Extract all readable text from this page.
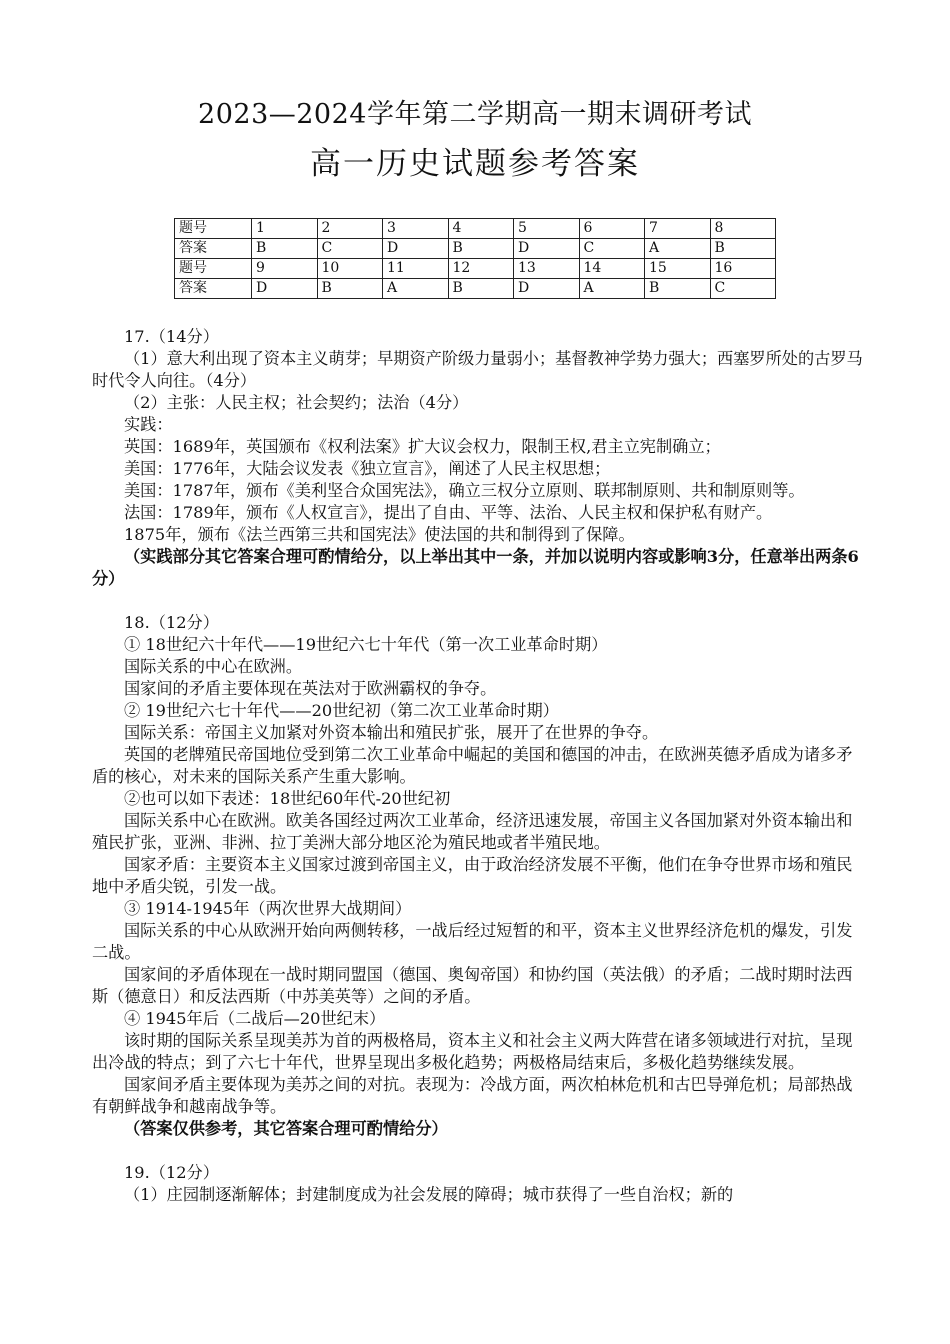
2023—2024学年第二学期高一期末调研考试
高一历史试题参考答案
题号	1	2	3	4	5	6	7	8
答案	B	C	D	B	D	C	A	B
题号	9	10	11	12	13	14	15	16
答案	D	B	A	B	D	A	B	C

17.（14分）

（1）意大利出现了资本主义萌芽；早期资产阶级力量弱小；基督教神学势力强大；西塞罗所处的古罗马时代令人向往。（4分）

（2）主张：人民主权；社会契约；法治（4分）

实践：

英国：1689年，英国颁布《权利法案》扩大议会权力，限制王权,君主立宪制确立；

美国：1776年，大陆会议发表《独立宣言》，阐述了人民主权思想；

美国：1787年，颁布《美利坚合众国宪法》，确立三权分立原则、联邦制原则、共和制原则等。

法国：1789年，颁布《人权宣言》，提出了自由、平等、法治、人民主权和保护私有财产。

1875年，颁布《法兰西第三共和国宪法》使法国的共和制得到了保障。

（实践部分其它答案合理可酌情给分，以上举出其中一条，并加以说明内容或影响3分，任意举出两条6分）

18.（12分）

① 18世纪六十年代——19世纪六七十年代（第一次工业革命时期）

国际关系的中心在欧洲。

国家间的矛盾主要体现在英法对于欧洲霸权的争夺。

② 19世纪六七十年代——20世纪初（第二次工业革命时期）

国际关系：帝国主义加紧对外资本输出和殖民扩张，展开了在世界的争夺。

英国的老牌殖民帝国地位受到第二次工业革命中崛起的美国和德国的冲击，在欧洲英德矛盾成为诸多矛盾的核心，对未来的国际关系产生重大影响。

②也可以如下表述：18世纪60年代-20世纪初

国际关系中心在欧洲。欧美各国经过两次工业革命，经济迅速发展，帝国主义各国加紧对外资本输出和殖民扩张，亚洲、非洲、拉丁美洲大部分地区沦为殖民地或者半殖民地。

国家矛盾：主要资本主义国家过渡到帝国主义，由于政治经济发展不平衡，他们在争夺世界市场和殖民地中矛盾尖锐，引发一战。

③ 1914-1945年（两次世界大战期间）

国际关系的中心从欧洲开始向两侧转移，一战后经过短暂的和平，资本主义世界经济危机的爆发，引发二战。

国家间的矛盾体现在一战时期同盟国（德国、奥匈帝国）和协约国（英法俄）的矛盾；二战时期时法西斯（德意日）和反法西斯（中苏美英等）之间的矛盾。

④ 1945年后（二战后—20世纪末）

该时期的国际关系呈现美苏为首的两极格局，资本主义和社会主义两大阵营在诸多领域进行对抗，呈现出冷战的特点；到了六七十年代，世界呈现出多极化趋势；两极格局结束后，多极化趋势继续发展。

国家间矛盾主要体现为美苏之间的对抗。表现为：冷战方面，两次柏林危机和古巴导弹危机；局部热战有朝鲜战争和越南战争等。

（答案仅供参考，其它答案合理可酌情给分）

19.（12分）

（1）庄园制逐渐解体；封建制度成为社会发展的障碍；城市获得了一些自治权；新的
